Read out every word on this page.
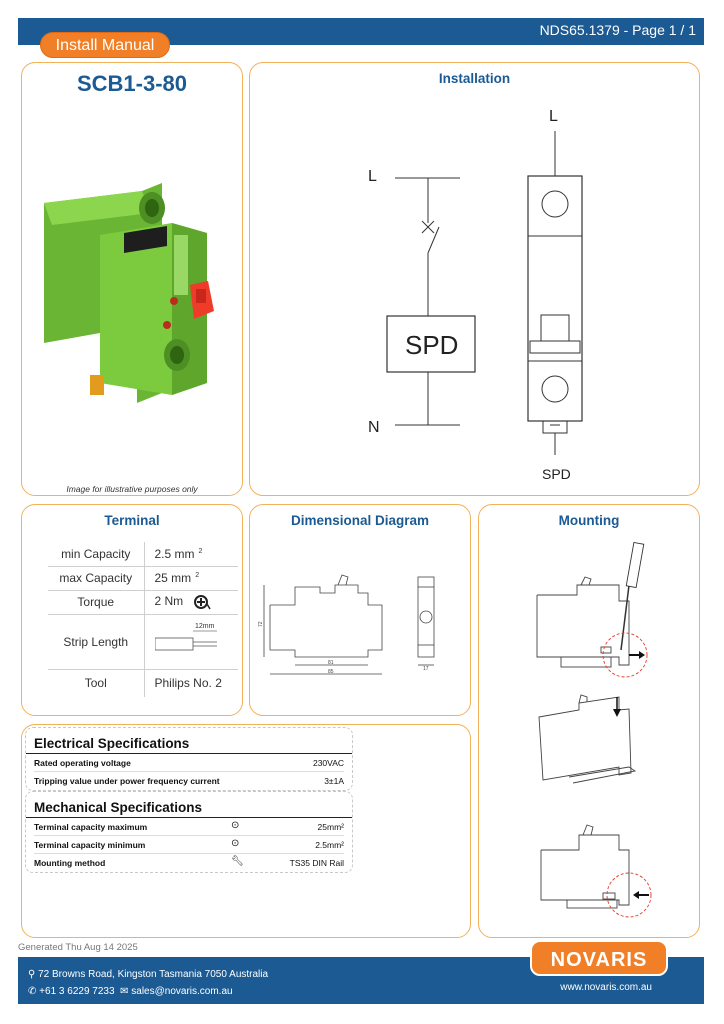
NDS65.1379 - Page 1 / 1
Install Manual
SCB1-3-80
Image for illustrative purposes only
Installation
L
SPD
N
L
SPD
Terminal
min Capacity	2.5 mm $^2$
max Capacity	25 mm $^2$
Torque	2 Nm
Strip Length	12mm

Tool	Philips No. 2
Dimensional Diagram
72
81
85	17
Mounting
Electrical Specifications
Rated operating voltage	230VAC
Tripping value under power frequency current	3±1A
Mechanical Specifications
Terminal capacity maximum	⊙	25mm²
Terminal capacity minimum	⊙	2.5mm²
Mounting method	🔧︎	TS35 DIN Rail
Generated Thu Aug 14 2025
⚲ 72 Browns Road, Kingston Tasmania 7050 Australia
✆ +61 3 6229 7233 ✉ sales@novaris.com.au	www.novaris.com.au
NOVARIS
